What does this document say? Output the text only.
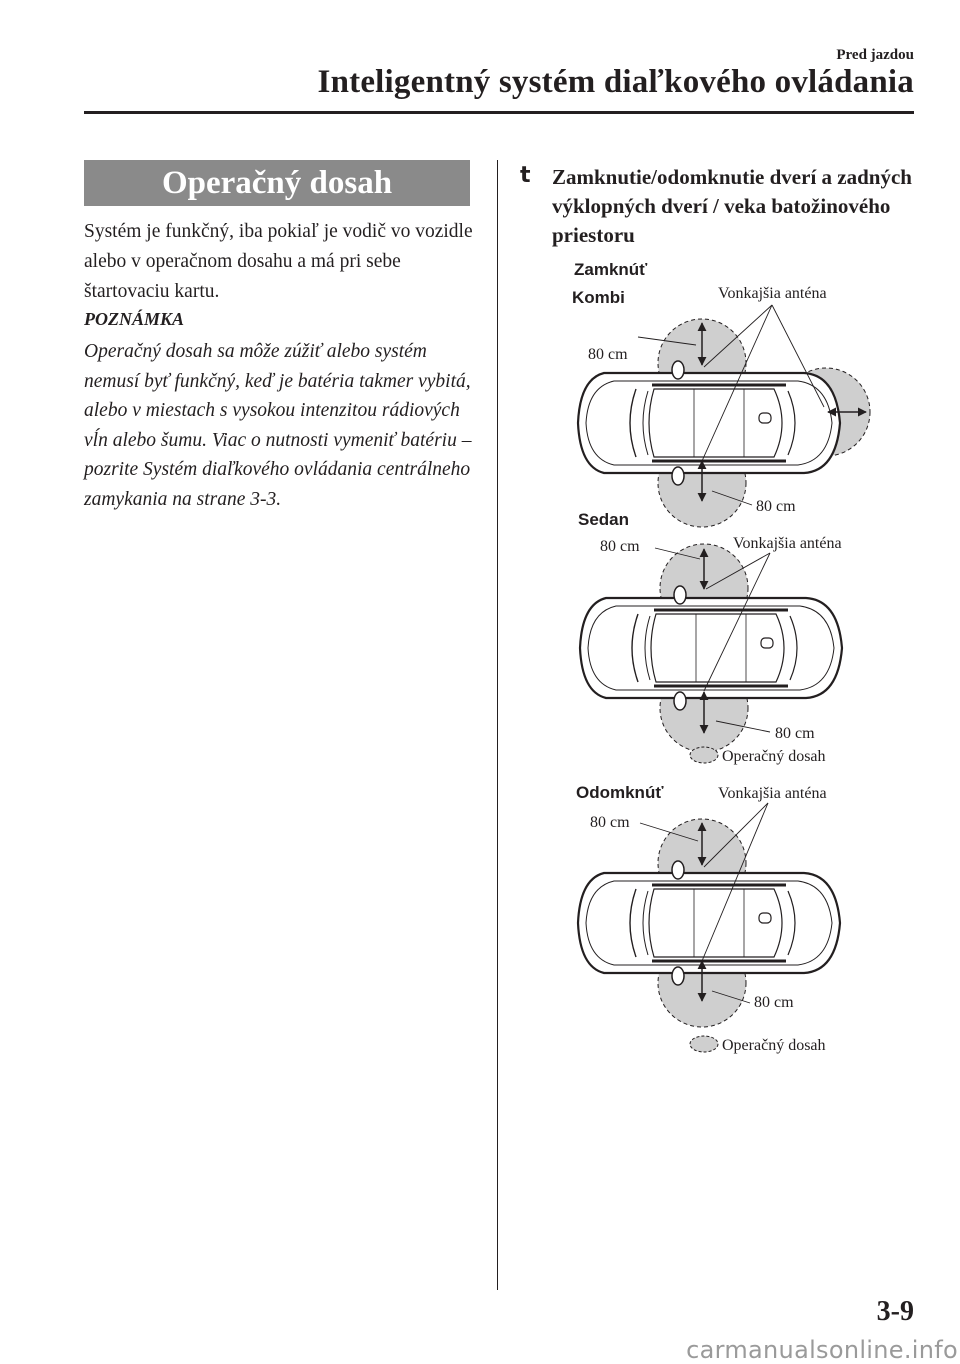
Pred jazdou
Inteligentný systém diaľkového ovládania
Operačný dosah
Systém je funkčný, iba pokiaľ je vodič vo vozidle alebo v operačnom dosahu a má pri sebe štartovaciu kartu.
POZNÁMKA
Operačný dosah sa môže zúžiť alebo systém nemusí byť funkčný, keď je batéria takmer vybitá, alebo v miestach s vysokou intenzitou rádiových vĺn alebo šumu. Viac o nutnosti vymeniť batériu – pozrite Systém diaľkového ovládania centrálneho zamykania na strane 3-3.
t Zamknutie/odomknutie dverí a zadných výklopných dverí / veka batožinového priestoru
Zamknúť
Kombi	Vonkajšia anténa
80 cm
80 cm
Sedan
Vonkajšia anténa
80 cm
80 cm
Operačný dosah
Odomknúť	Vonkajšia anténa
80 cm
80 cm
Operačný dosah
3-9
carmanualsonline.info
